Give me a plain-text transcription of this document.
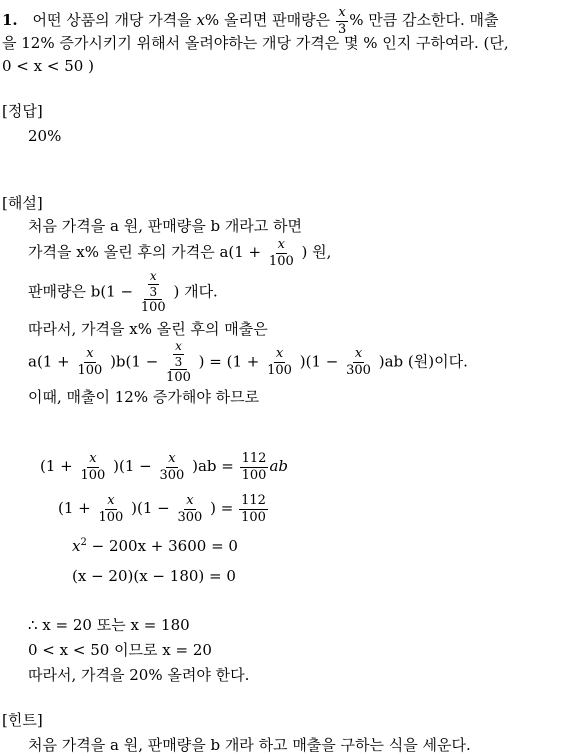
1. 어떤 상품의 개당 가격을 x% 올리면 판매량은 $\frac{x}{3}$ % 만큼 감소한다. 매출
을 12% 증가시키기 위해서 올려야하는 개당 가격은 몇 % 인지 구하여라. (단,
0 < x < 50 )
[정답]
20%
[해설]
처음 가격을 a 원, 판매량을 b 개라고 하면
가격을 x% 올린 후의 가격은 $a(1 + \frac{x}{100}$ ) 원,
판매량은 $b(1 - \frac{\frac{x}{3}}{100}$ ) 개다.
따라서, 가격을 x% 올린 후의 매출은
$a(1 + \frac{x}{100} )b(1 - \frac{\frac{x}{3}}{100}$ ) = $(1 + \frac{x}{100} )(1 - \frac{x}{300} )ab$ (원)이다.
이때, 매출이 12% 증가해야 하므로
$(1 + \frac{x}{100} )(1 - \frac{x}{300} )ab = \frac{112}{100}$ ab
$(1 + \frac{x}{100} )(1 - \frac{x}{300}$ ) = $\frac{112}{100}$
$x^2 - 200x + 3600 = 0$
(x − 20)(x − 180) = 0
∴ x = 20 또는 x = 180
0 < x < 50 이므로 x = 20
따라서, 가격을 20% 올려야 한다.
[힌트]
처음 가격을 a 원, 판매량을 b 개라 하고 매출을 구하는 식을 세운다.
